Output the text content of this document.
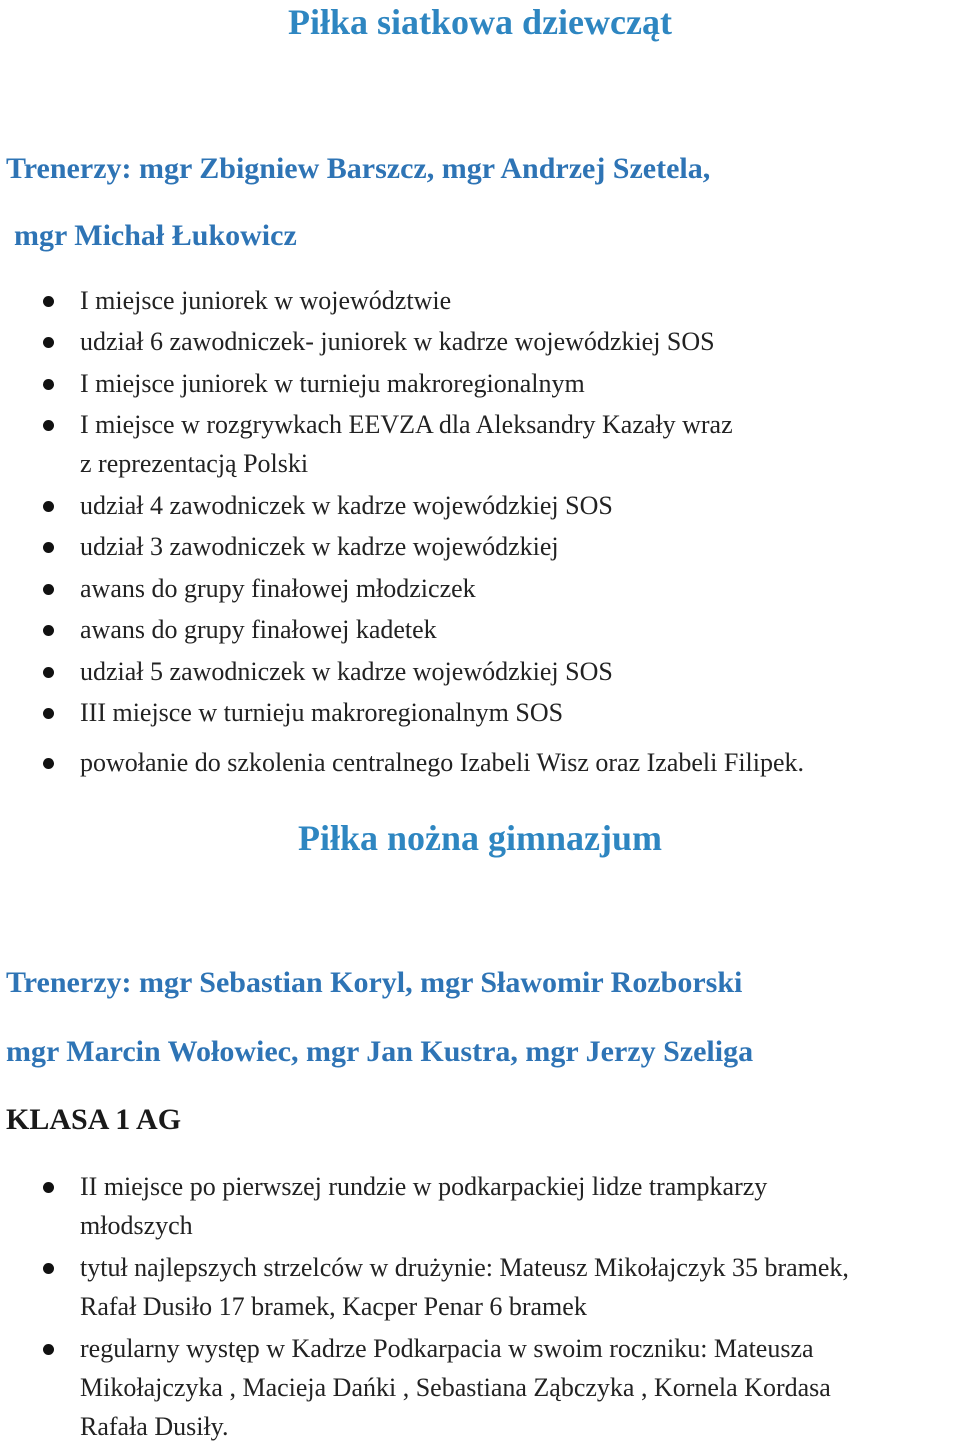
Piłka siatkowa dziewcząt
Trenerzy: mgr Zbigniew Barszcz, mgr Andrzej Szetela,
mgr Michał Łukowicz
I miejsce juniorek w województwie
udział 6 zawodniczek- juniorek w kadrze wojewódzkiej SOS
I miejsce juniorek w turnieju makroregionalnym
I miejsce w rozgrywkach EEVZA dla Aleksandry Kazały wraz
z reprezentacją Polski
udział 4 zawodniczek w kadrze wojewódzkiej SOS
udział 3 zawodniczek w kadrze wojewódzkiej
awans do grupy finałowej młodziczek
awans do grupy finałowej kadetek
udział 5 zawodniczek w kadrze wojewódzkiej SOS
III miejsce w turnieju makroregionalnym SOS
powołanie do szkolenia centralnego Izabeli Wisz oraz Izabeli Filipek.
Piłka nożna gimnazjum
Trenerzy: mgr Sebastian Koryl, mgr Sławomir Rozborski
mgr Marcin Wołowiec, mgr Jan Kustra, mgr Jerzy Szeliga
KLASA 1 AG
II miejsce po pierwszej rundzie w podkarpackiej lidze trampkarzy
młodszych
tytuł najlepszych strzelców w drużynie: Mateusz Mikołajczyk 35 bramek,
Rafał Dusiło 17 bramek, Kacper Penar 6 bramek
regularny występ w Kadrze Podkarpacia w swoim roczniku: Mateusza
Mikołajczyka , Macieja Dańki , Sebastiana Ząbczyka , Kornela Kordasa
Rafała Dusiły.
